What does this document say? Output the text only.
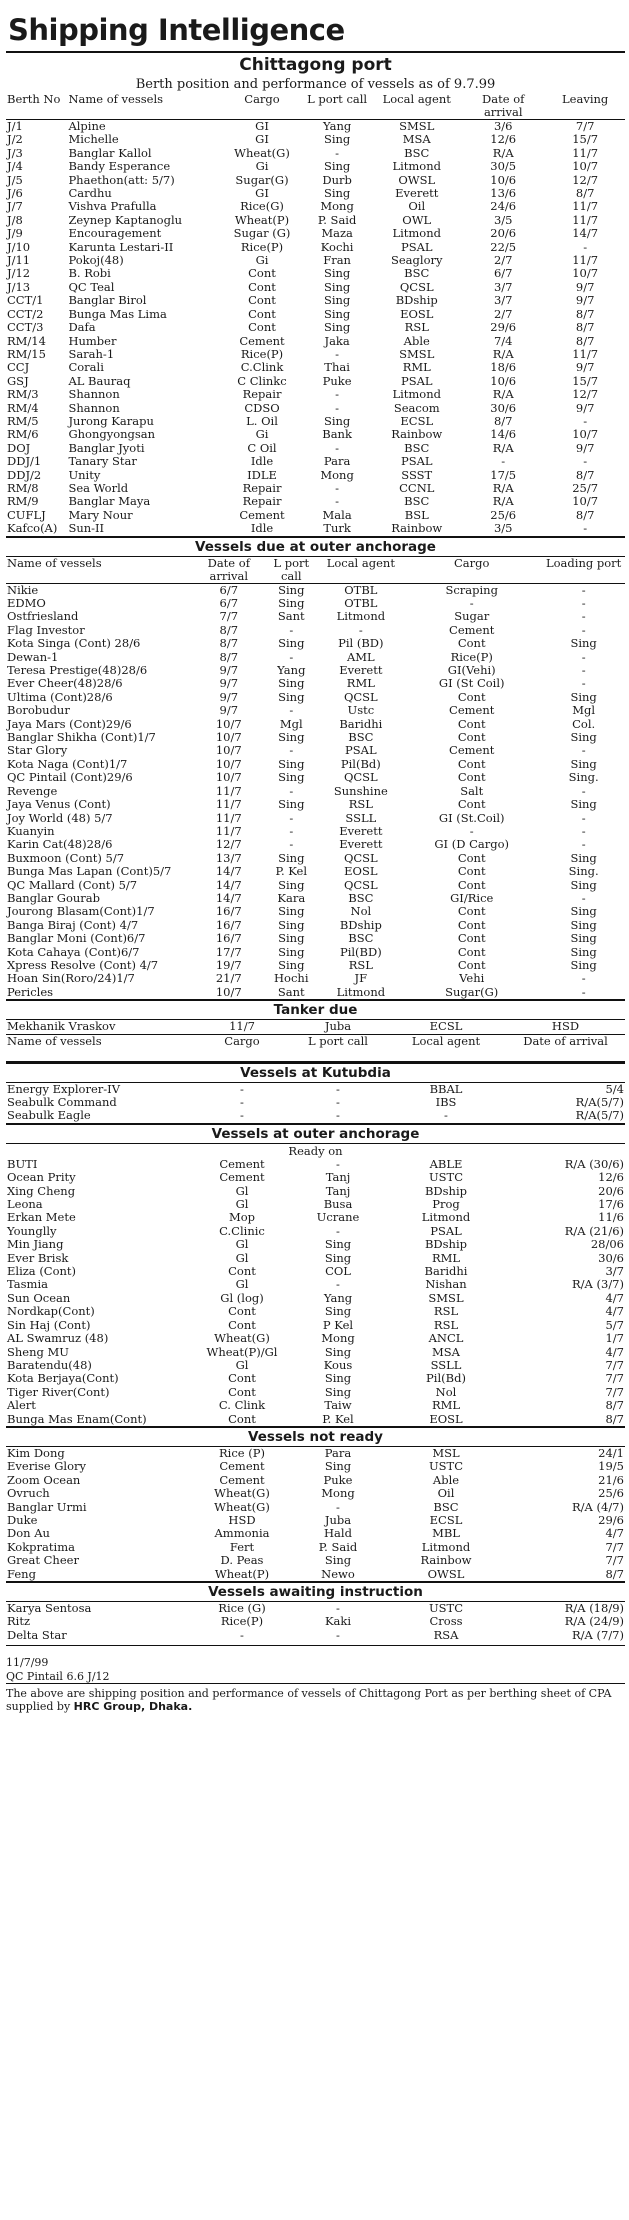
Shipping Intelligence
Chittagong port
Berth position and performance of vessels as of 9.7.99
Berth No	Name of vessels	Cargo	L port call	Local agent	Date of arrival	Leaving
J/1	Alpine	GI	Yang	SMSL	3/6	7/7
J/2	Michelle	GI	Sing	MSA	12/6	15/7
J/3	Banglar Kallol	Wheat(G)	-	BSC	R/A	11/7
J/4	Bandy Esperance	Gi	Sing	Litmond	30/5	10/7
J/5	Phaethon(att: 5/7)	Sugar(G)	Durb	OWSL	10/6	12/7
J/6	Cardhu	GI	Sing	Everett	13/6	8/7
J/7	Vishva Prafulla	Rice(G)	Mong	Oil	24/6	11/7
J/8	Zeynep Kaptanoglu	Wheat(P)	P. Said	OWL	3/5	11/7
J/9	Encouragement	Sugar (G)	Maza	Litmond	20/6	14/7
J/10	Karunta Lestari-II	Rice(P)	Kochi	PSAL	22/5	-
J/11	Pokoj(48)	Gi	Fran	Seaglory	2/7	11/7
J/12	B. Robi	Cont	Sing	BSC	6/7	10/7
J/13	QC Teal	Cont	Sing	QCSL	3/7	9/7
CCT/1	Banglar Birol	Cont	Sing	BDship	3/7	9/7
CCT/2	Bunga Mas Lima	Cont	Sing	EOSL	2/7	8/7
CCT/3	Dafa	Cont	Sing	RSL	29/6	8/7
RM/14	Humber	Cement	Jaka	Able	7/4	8/7
RM/15	Sarah-1	Rice(P)	-	SMSL	R/A	11/7
CCJ	Corali	C.Clink	Thai	RML	18/6	9/7
GSJ	AL Bauraq	C Clinkc	Puke	PSAL	10/6	15/7
RM/3	Shannon	Repair	-	Litmond	R/A	12/7
RM/4	Shannon	CDSO	-	Seacom	30/6	9/7
RM/5	Jurong Karapu	L. Oil	Sing	ECSL	8/7	-
RM/6	Ghongyongsan	Gi	Bank	Rainbow	14/6	10/7
DOJ	Banglar Jyoti	C Oil	-	BSC	R/A	9/7
DDJ/1	Tanary Star	Idle	Para	PSAL	-	-
DDJ/2	Unity	IDLE	Mong	SSST	17/5	8/7
RM/8	Sea World	Repair	-	CCNL	R/A	25/7
RM/9	Banglar Maya	Repair	-	BSC	R/A	10/7
CUFLJ	Mary Nour	Cement	Mala	BSL	25/6	8/7
Kafco(A)	Sun-II	Idle	Turk	Rainbow	3/5	-
Vessels due at outer anchorage
Name of vessels	Date of arrival	L port call	Local agent	Cargo	Loading port
Nikie	6/7	Sing	OTBL	Scraping	-
EDMO	6/7	Sing	OTBL	-	-
Ostfriesland	7/7	Sant	Litmond	Sugar	-
Flag Investor	8/7	-	-	Cement	-
Kota Singa (Cont) 28/6	8/7	Sing	Pil (BD)	Cont	Sing
Dewan-1	8/7	-	AML	Rice(P)	-
Teresa Prestige(48)28/6	9/7	Yang	Everett	GI(Vehi)	-
Ever Cheer(48)28/6	9/7	Sing	RML	GI (St Coil)	-
Ultima (Cont)28/6	9/7	Sing	QCSL	Cont	Sing
Borobudur	9/7	-	Ustc	Cement	Mgl
Jaya Mars (Cont)29/6	10/7	Mgl	Baridhi	Cont	Col.
Banglar Shikha (Cont)1/7	10/7	Sing	BSC	Cont	Sing
Star Glory	10/7	-	PSAL	Cement	-
Kota Naga (Cont)1/7	10/7	Sing	Pil(Bd)	Cont	Sing
QC Pintail (Cont)29/6	10/7	Sing	QCSL	Cont	Sing.
Revenge	11/7	-	Sunshine	Salt	-
Jaya Venus (Cont)	11/7	Sing	RSL	Cont	Sing
Joy World (48) 5/7	11/7	-	SSLL	GI (St.Coil)	-
Kuanyin	11/7	-	Everett	-	-
Karin Cat(48)28/6	12/7	-	Everett	GI (D Cargo)	-
Buxmoon (Cont) 5/7	13/7	Sing	QCSL	Cont	Sing
Bunga Mas Lapan (Cont)5/7	14/7	P. Kel	EOSL	Cont	Sing.
QC Mallard (Cont) 5/7	14/7	Sing	QCSL	Cont	Sing
Banglar Gourab	14/7	Kara	BSC	GI/Rice	-
Jourong Blasam(Cont)1/7	16/7	Sing	Nol	Cont	Sing
Banga Biraj (Cont) 4/7	16/7	Sing	BDship	Cont	Sing
Banglar Moni (Cont)6/7	16/7	Sing	BSC	Cont	Sing
Kota Cahaya (Cont)6/7	17/7	Sing	Pil(BD)	Cont	Sing
Xpress Resolve (Cont) 4/7	19/7	Sing	RSL	Cont	Sing
Hoan Sin(Roro/24)1/7	21/7	Hochi	JF	Vehi	-
Pericles	10/7	Sant	Litmond	Sugar(G)	-
Tanker due
Mekhanik Vraskov	11/7	Juba	ECSL	HSD
Name of vessels	Cargo	L port call	Local agent	Date of arrival
Vessels at Kutubdia
Energy Explorer-IV	-	-	BBAL	5/4
Seabulk Command	-	-	IBS	R/A(5/7)
Seabulk Eagle	-	-	-	R/A(5/7)
Vessels at outer anchorage
Ready on
BUTI	Cement	-	ABLE	R/A (30/6)
Ocean Prity	Cement	Tanj	USTC	12/6
Xing Cheng	Gl	Tanj	BDship	20/6
Leona	Gl	Busa	Prog	17/6
Erkan Mete	Mop	Ucrane	Litmond	11/6
Younglly	C.Clinic	-	PSAL	R/A (21/6)
Min Jiang	Gl	Sing	BDship	28/06
Ever Brisk	Gl	Sing	RML	30/6
Eliza (Cont)	Cont	COL	Baridhi	3/7
Tasmia	Gl	-	Nishan	R/A (3/7)
Sun Ocean	Gl (log)	Yang	SMSL	4/7
Nordkap(Cont)	Cont	Sing	RSL	4/7
Sin Haj (Cont)	Cont	P Kel	RSL	5/7
AL Swamruz (48)	Wheat(G)	Mong	ANCL	1/7
Sheng MU	Wheat(P)/Gl	Sing	MSA	4/7
Baratendu(48)	Gl	Kous	SSLL	7/7
Kota Berjaya(Cont)	Cont	Sing	Pil(Bd)	7/7
Tiger River(Cont)	Cont	Sing	Nol	7/7
Alert	C. Clink	Taiw	RML	8/7
Bunga Mas Enam(Cont)	Cont	P. Kel	EOSL	8/7
Vessels not ready
Kim Dong	Rice (P)	Para	MSL	24/1
Everise Glory	Cement	Sing	USTC	19/5
Zoom Ocean	Cement	Puke	Able	21/6
Ovruch	Wheat(G)	Mong	Oil	25/6
Banglar Urmi	Wheat(G)	-	BSC	R/A (4/7)
Duke	HSD	Juba	ECSL	29/6
Don Au	Ammonia	Hald	MBL	4/7
Kokpratima	Fert	P. Said	Litmond	7/7
Great Cheer	D. Peas	Sing	Rainbow	7/7
Feng	Wheat(P)	Newo	OWSL	8/7
Vessels awaiting instruction
Karya Sentosa	Rice (G)	-	USTC	R/A (18/9)
Ritz	Rice(P)	Kaki	Cross	R/A (24/9)
Delta Star	-	-	RSA	R/A (7/7)
11/7/99
QC Pintail 6.6 J/12
The above are shipping position and performance of vessels of Chittagong Port as per berthing sheet of CPA supplied by HRC Group, Dhaka.
